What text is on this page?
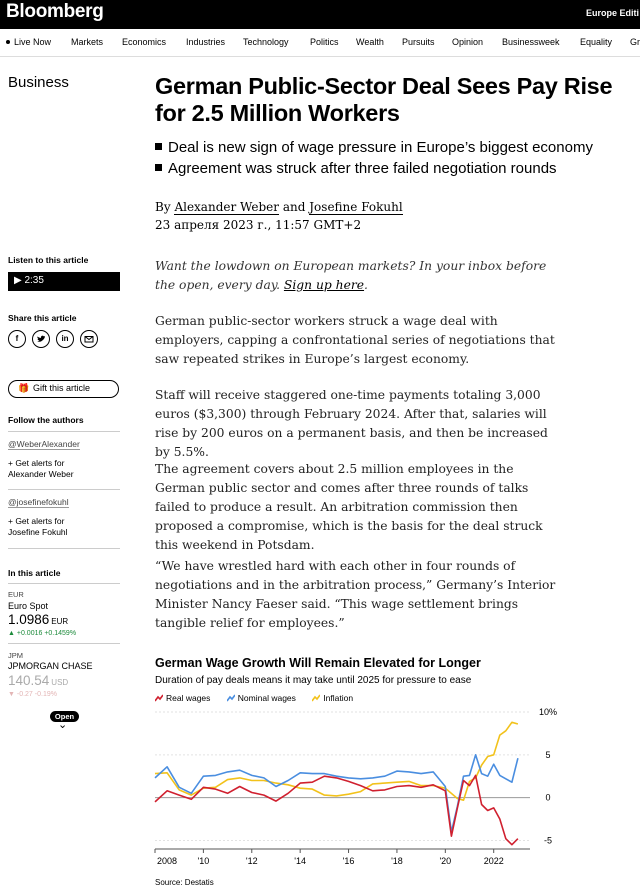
Bloomberg	Europe Editi
Live Now Markets Economics Industries Technology Politics Wealth Pursuits Opinion Businessweek Equality Gr
Business	German Public-Sector Deal Sees Pay Rise for 2.5 Million Workers
Deal is new sign of wage pressure in Europe’s biggest economy
Agreement was struck after three failed negotiation rounds
By Alexander Weber and Josefine Fokuhl
23 апреля 2023 г., 11:57 GMT+2

Want the lowdown on European markets? In your inbox before the open, every day. Sign up here.

German public-sector workers struck a wage deal with employers, capping a confrontational series of negotiations that saw repeated strikes in Europe’s largest economy.

Staff will receive staggered one-time payments totaling 3,000 euros ($3,300) through February 2024. After that, salaries will rise by 200 euros on a permanent basis, and then be increased by 5.5%.

The agreement covers about 2.5 million employees in the German public sector and comes after three rounds of talks failed to produce a result. An arbitration commission then proposed a compromise, which is the basis for the deal struck this weekend in Potsdam.

“We have wrestled hard with each other in four rounds of negotiations and in the arbitration process,” Germany’s Interior Minister Nancy Faeser said. “This wage settlement brings tangible relief for employees.”

Listen to this article
▶ 2:35
Share this article
f	in
🎁 Gift this article
Follow the authors
@WeberAlexander
+ Get alerts for
Alexander Weber
@josefinefokuhl
+ Get alerts for
Josefine Fokuhl
In this article
EUR
Euro Spot
1.0986 EUR
▲ +0.0016 +0.1459%
JPM
JPMORGAN CHASE
140.54 USD
▼ -0.27 -0.19%
Open
⌄
German Wage Growth Will Remain Elevated for Longer
Duration of pay deals means it may take until 2025 for pressure to ease
Real wages	Nominal wages	Inflation
10%
5
0
-5
2008 '10	'12	'14	'16	'18	'20	2022
Source: Destatis
